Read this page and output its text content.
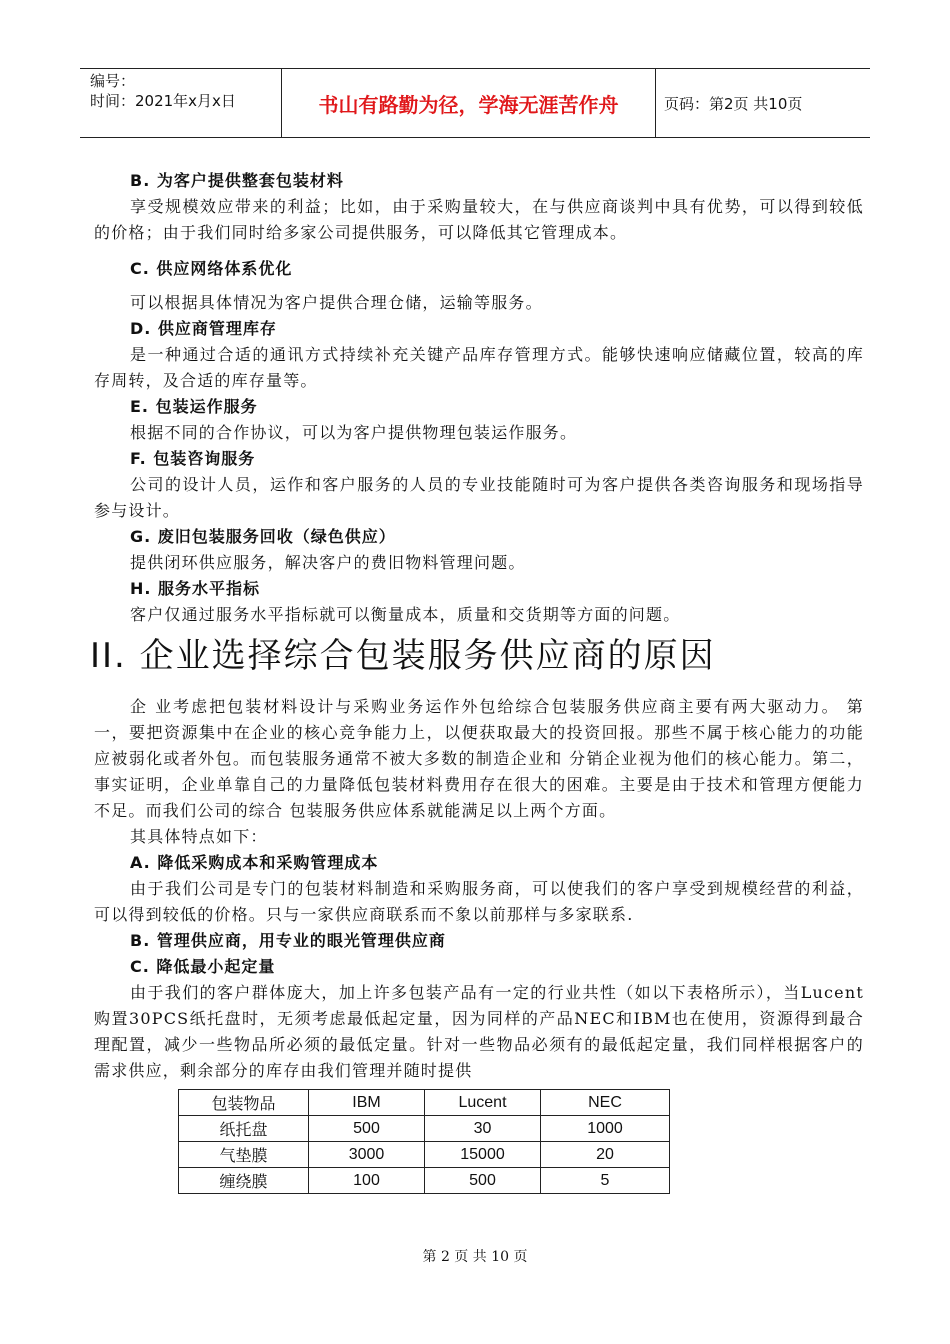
编号：
时间：2021年x月x日	书山有路勤为径，学海无涯苦作舟	页码：第2页 共10页
B. 为客户提供整套包装材料

享受规模效应带来的利益；比如，由于采购量较大，在与供应商谈判中具有优势，可以得到较低的价格；由于我们同时给多家公司提供服务，可以降低其它管理成本。

C. 供应网络体系优化

可以根据具体情况为客户提供合理仓储，运输等服务。

D. 供应商管理库存

是一种通过合适的通讯方式持续补充关键产品库存管理方式。能够快速响应储藏位置，较高的库存周转，及合适的库存量等。

E. 包装运作服务

根据不同的合作协议，可以为客户提供物理包装运作服务。

F. 包装咨询服务

公司的设计人员，运作和客户服务的人员的专业技能随时可为客户提供各类咨询服务和现场指导参与设计。

G. 废旧包装服务回收（绿色供应）

提供闭环供应服务，解决客户的费旧物料管理问题。

H. 服务水平指标

客户仅通过服务水平指标就可以衡量成本，质量和交货期等方面的问题。

II. 企业选择综合包装服务供应商的原因

企 业考虑把包装材料设计与采购业务运作外包给综合包装服务供应商主要有两大驱动力。 第一，要把资源集中在企业的核心竞争能力上，以便获取最大的投资回报。那些不属于核心能力的功能应被弱化或者外包。而包装服务通常不被大多数的制造企业和 分销企业视为他们的核心能力。第二，事实证明，企业单靠自己的力量降低包装材料费用存在很大的困难。主要是由于技术和管理方便能力不足。而我们公司的综合 包装服务供应体系就能满足以上两个方面。

其具体特点如下：

A. 降低采购成本和采购管理成本

由于我们公司是专门的包装材料制造和采购服务商，可以使我们的客户享受到规模经营的利益，可以得到较低的价格。只与一家供应商联系而不象以前那样与多家联系.

B. 管理供应商，用专业的眼光管理供应商
C. 降低最小起定量

由于我们的客户群体庞大，加上许多包装产品有一定的行业共性（如以下表格所示），当Lucent购置30PCS纸托盘时，无须考虑最低起定量，因为同样的产品NEC和IBM也在使用，资源得到最合理配置，减少一些物品所必须的最低定量。针对一些物品必须有的最低起定量，我们同样根据客户的需求供应，剩余部分的库存由我们管理并随时提供

包装物品	IBM	Lucent	NEC
纸托盘	500	30	1000
气垫膜	3000	15000	20
缠绕膜	100	500	5
第 2 页 共 10 页
